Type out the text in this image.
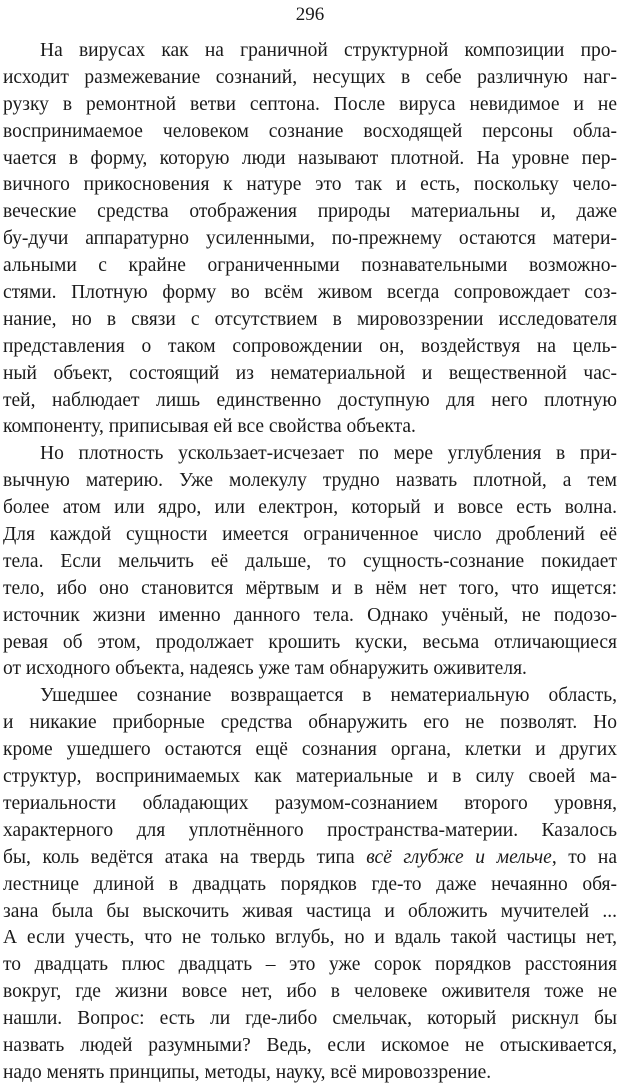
296
На вирусах как на граничной структурной композиции про-
исходит размежевание сознаний, несущих в себе различную наг-
рузку в ремонтной ветви септона. После вируса невидимое и не
воспринимаемое человеком сознание восходящей персоны обла-
чается в форму, которую люди называют плотной. На уровне пер-
вичного прикосновения к натуре это так и есть, поскольку чело-
веческие средства отображения природы материальны и, даже
бу-дучи аппаратурно усиленными, по-прежнему остаются матери-
альными с крайне ограниченными познавательными возможно-
стями. Плотную форму во всём живом всегда сопровождает соз-
нание, но в связи с отсутствием в мировоззрении исследователя
представления о таком сопровождении он, воздействуя на цель-
ный объект, состоящий из нематериальной и вещественной час-
тей, наблюдает лишь единственно доступную для него плотную
компоненту, приписывая ей все свойства объекта.
Но плотность ускользает-исчезает по мере углубления в при-
вычную материю. Уже молекулу трудно назвать плотной, а тем
более атом или ядро, или електрон, который и вовсе есть волна.
Для каждой сущности имеется ограниченное число дроблений её
тела. Если мельчить её дальше, то сущность-сознание покидает
тело, ибо оно становится мёртвым и в нём нет того, что ищется:
источник жизни именно данного тела. Однако учёный, не подозо-
ревая об этом, продолжает крошить куски, весьма отличающиеся
от исходного объекта, надеясь уже там обнаружить оживителя.
Ушедшее сознание возвращается в нематериальную область,
и никакие приборные средства обнаружить его не позволят. Но
кроме ушедшего остаются ещё сознания органа, клетки и других
структур, воспринимаемых как материальные и в силу своей ма-
териальности обладающих разумом-сознанием второго уровня,
характерного для уплотнённого пространства-материи. Казалось
бы, коль ведётся атака на твердь типа всё глубже и мельче, то на
лестнице длиной в двадцать порядков где-то даже нечаянно обя-
зана была бы выскочить живая частица и обложить мучителей ...
А если учесть, что не только вглубь, но и вдаль такой частицы нет,
то двадцать плюс двадцать – это уже сорок порядков расстояния
вокруг, где жизни вовсе нет, ибо в человеке оживителя тоже не
нашли. Вопрос: есть ли где-либо смельчак, который рискнул бы
назвать людей разумными? Ведь, если искомое не отыскивается,
надо менять принципы, методы, науку, всё мировоззрение.
